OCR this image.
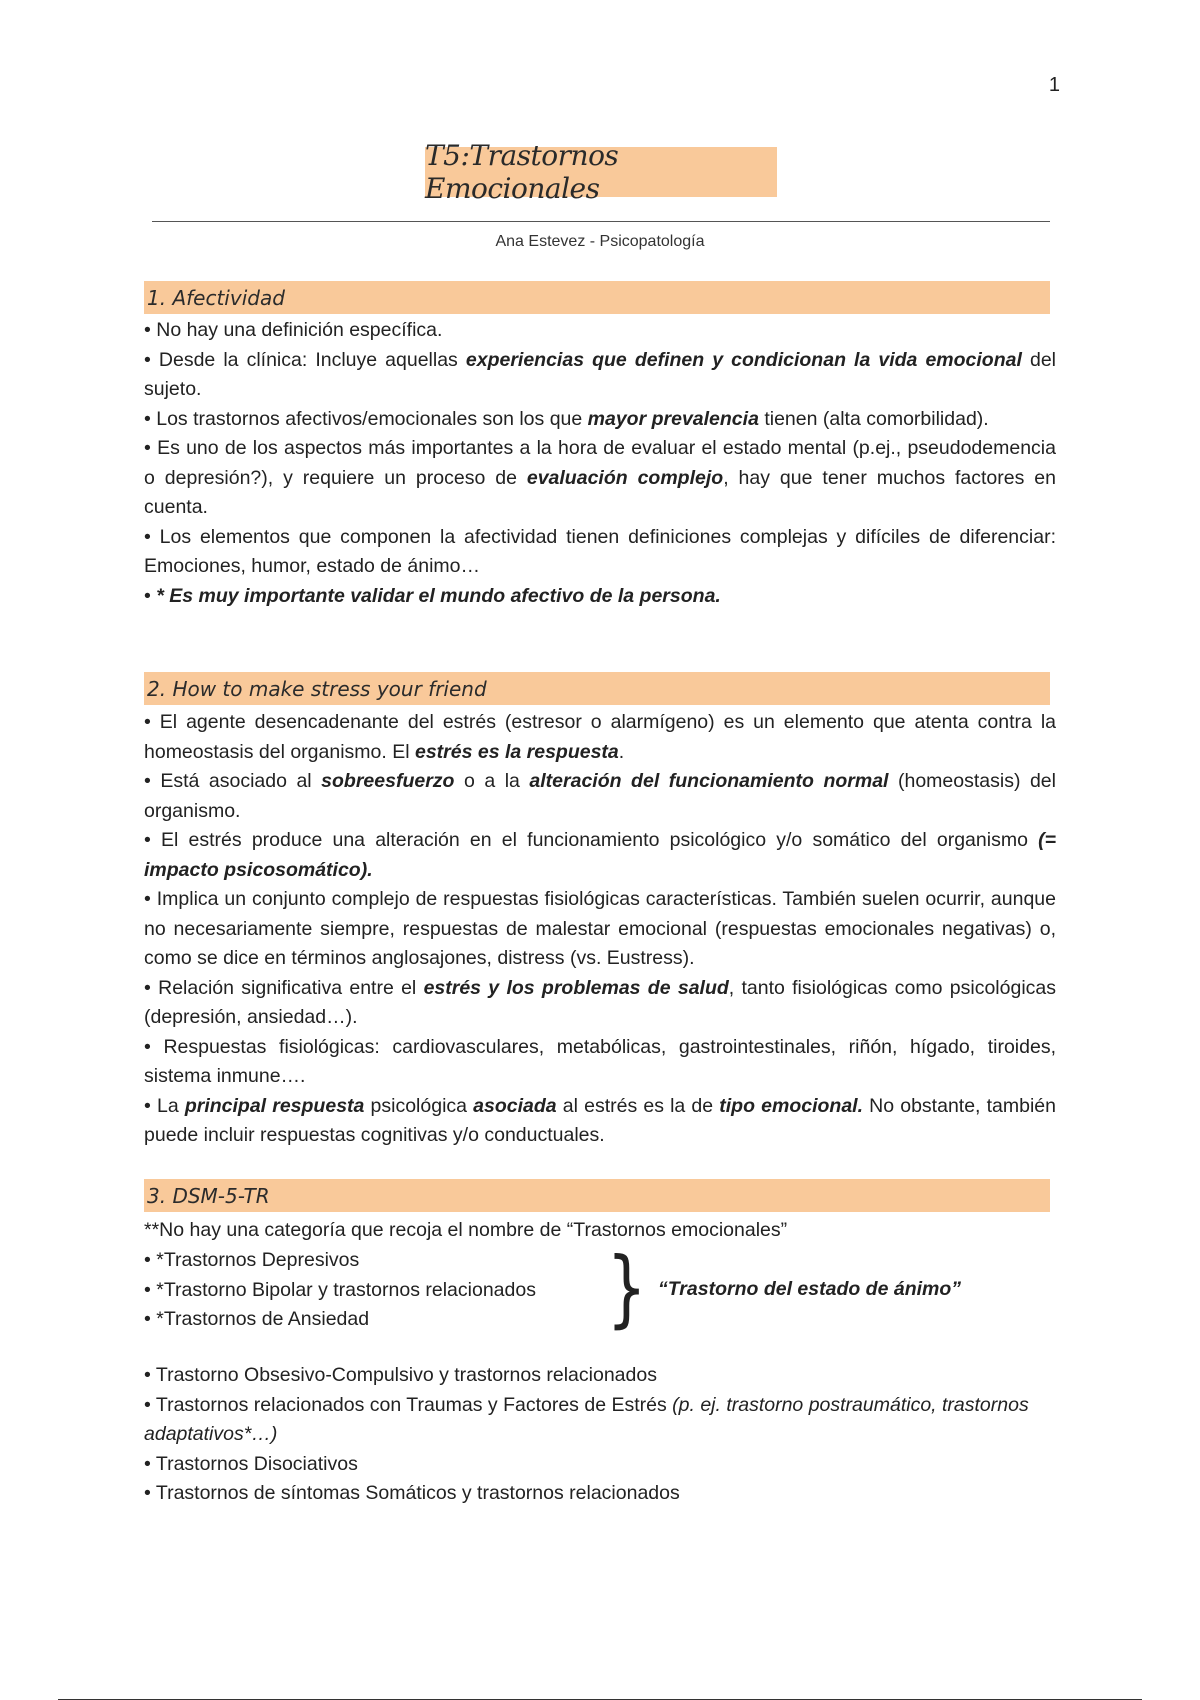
1
T5:Trastornos Emocionales
Ana Estevez - Psicopatología
1. Afectividad

• No hay una definición específica.

• Desde la clínica: Incluye aquellas experiencias que definen y condicionan la vida emocional del sujeto.

• Los trastornos afectivos/emocionales son los que mayor prevalencia tienen (alta comorbilidad).

• Es uno de los aspectos más importantes a la hora de evaluar el estado mental (p.ej., pseudodemencia o depresión?), y requiere un proceso de evaluación complejo, hay que tener muchos factores en cuenta.

• Los elementos que componen la afectividad tienen definiciones complejas y difíciles de diferenciar: Emociones, humor, estado de ánimo…

• * Es muy importante validar el mundo afectivo de la persona.

2. How to make stress your friend

• El agente desencadenante del estrés (estresor o alarmígeno) es un elemento que atenta contra la homeostasis del organismo. El estrés es la respuesta.

• Está asociado al sobreesfuerzo o a la alteración del funcionamiento normal (homeostasis) del organismo.

• El estrés produce una alteración en el funcionamiento psicológico y/o somático del organismo (= impacto psicosomático).

• Implica un conjunto complejo de respuestas fisiológicas características. También suelen ocurrir, aunque no necesariamente siempre, respuestas de malestar emocional (respuestas emocionales negativas) o, como se dice en términos anglosajones, distress (vs. Eustress).

• Relación significativa entre el estrés y los problemas de salud, tanto fisiológicas como psicológicas (depresión, ansiedad…).

• Respuestas fisiológicas: cardiovasculares, metabólicas, gastrointestinales, riñón, hígado, tiroides, sistema inmune….

• La principal respuesta psicológica asociada al estrés es la de tipo emocional. No obstante, también puede incluir respuestas cognitivas y/o conductuales.

3. DSM-5-TR

**No hay una categoría que recoja el nombre de “Trastornos emocionales”

• *Trastornos Depresivos

• *Trastorno Bipolar y trastornos relacionados

• *Trastornos de Ansiedad	} “Trastorno del estado de ánimo”

• Trastorno Obsesivo-Compulsivo y trastornos relacionados

• Trastornos relacionados con Traumas y Factores de Estrés (p. ej. trastorno postraumático, trastornos adaptativos*…)

• Trastornos Disociativos

• Trastornos de síntomas Somáticos y trastornos relacionados
